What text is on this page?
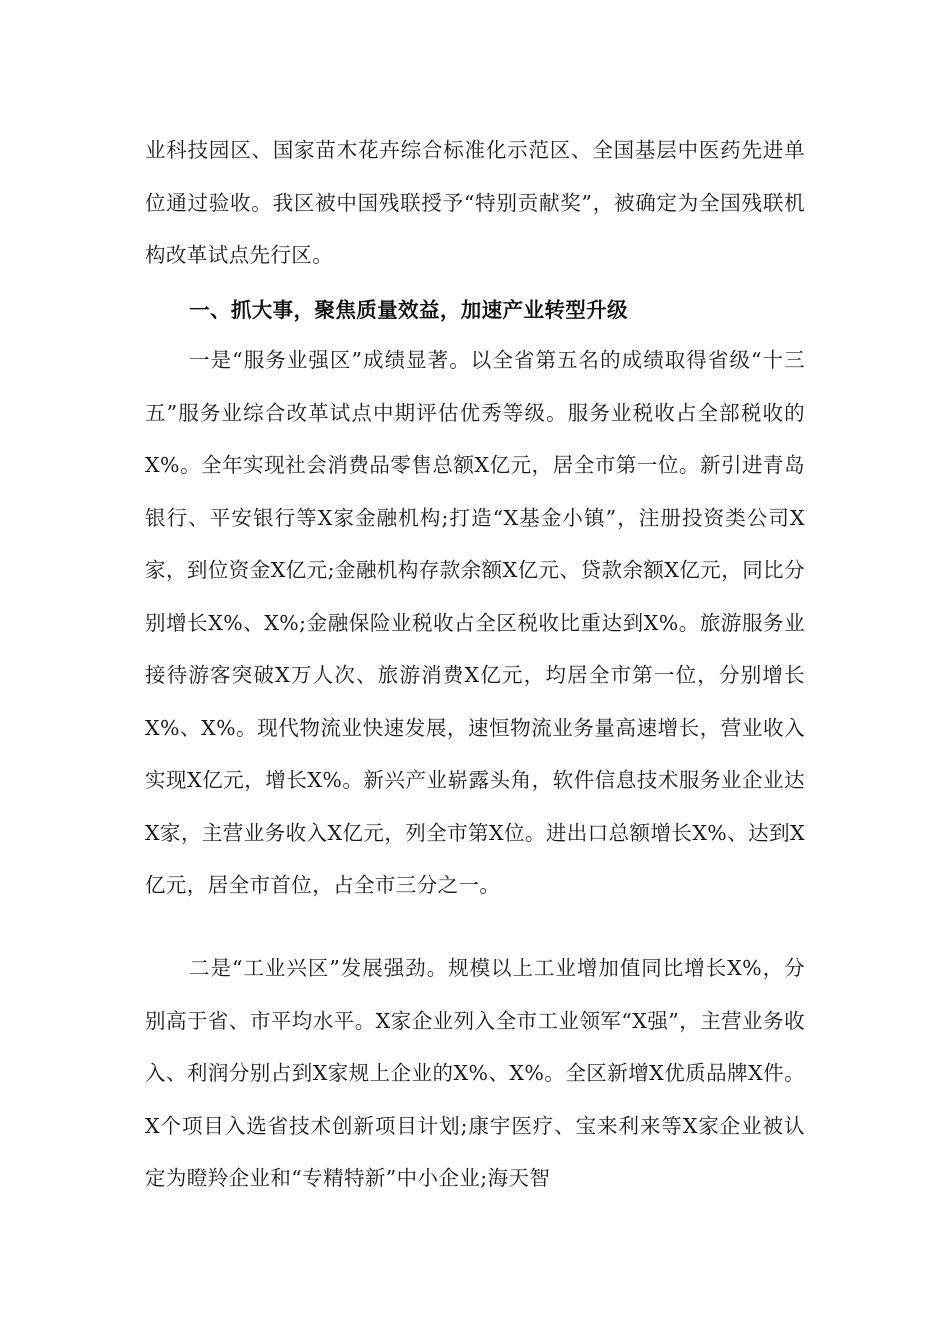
业科技园区、国家苗木花卉综合标准化示范区、全国基层中医药先进单位通过验收。我区被中国残联授予“特别贡献奖”，被确定为全国残联机构改革试点先行区。

一、抓大事，聚焦质量效益，加速产业转型升级

一是“服务业强区”成绩显著。以全省第五名的成绩取得省级“十三五”服务业综合改革试点中期评估优秀等级。服务业税收占全部税收的X%。全年实现社会消费品零售总额X亿元，居全市第一位。新引进青岛银行、平安银行等X家金融机构;打造“X基金小镇”，注册投资类公司X家，到位资金X亿元;金融机构存款余额X亿元、贷款余额X亿元，同比分别增长X%、X%;金融保险业税收占全区税收比重达到X%。旅游服务业接待游客突破X万人次、旅游消费X亿元，均居全市第一位，分别增长X%、X%。现代物流业快速发展，速恒物流业务量高速增长，营业收入实现X亿元，增长X%。新兴产业崭露头角，软件信息技术服务业企业达X家，主营业务收入X亿元，列全市第X位。进出口总额增长X%、达到X亿元，居全市首位，占全市三分之一。

二是“工业兴区”发展强劲。规模以上工业增加值同比增长X%，分别高于省、市平均水平。X家企业列入全市工业领军“X强”，主营业务收入、利润分别占到X家规上企业的X%、X%。全区新增X优质品牌X件。X个项目入选省技术创新项目计划;康宇医疗、宝来利来等X家企业被认定为瞪羚企业和“专精特新”中小企业;海天智
